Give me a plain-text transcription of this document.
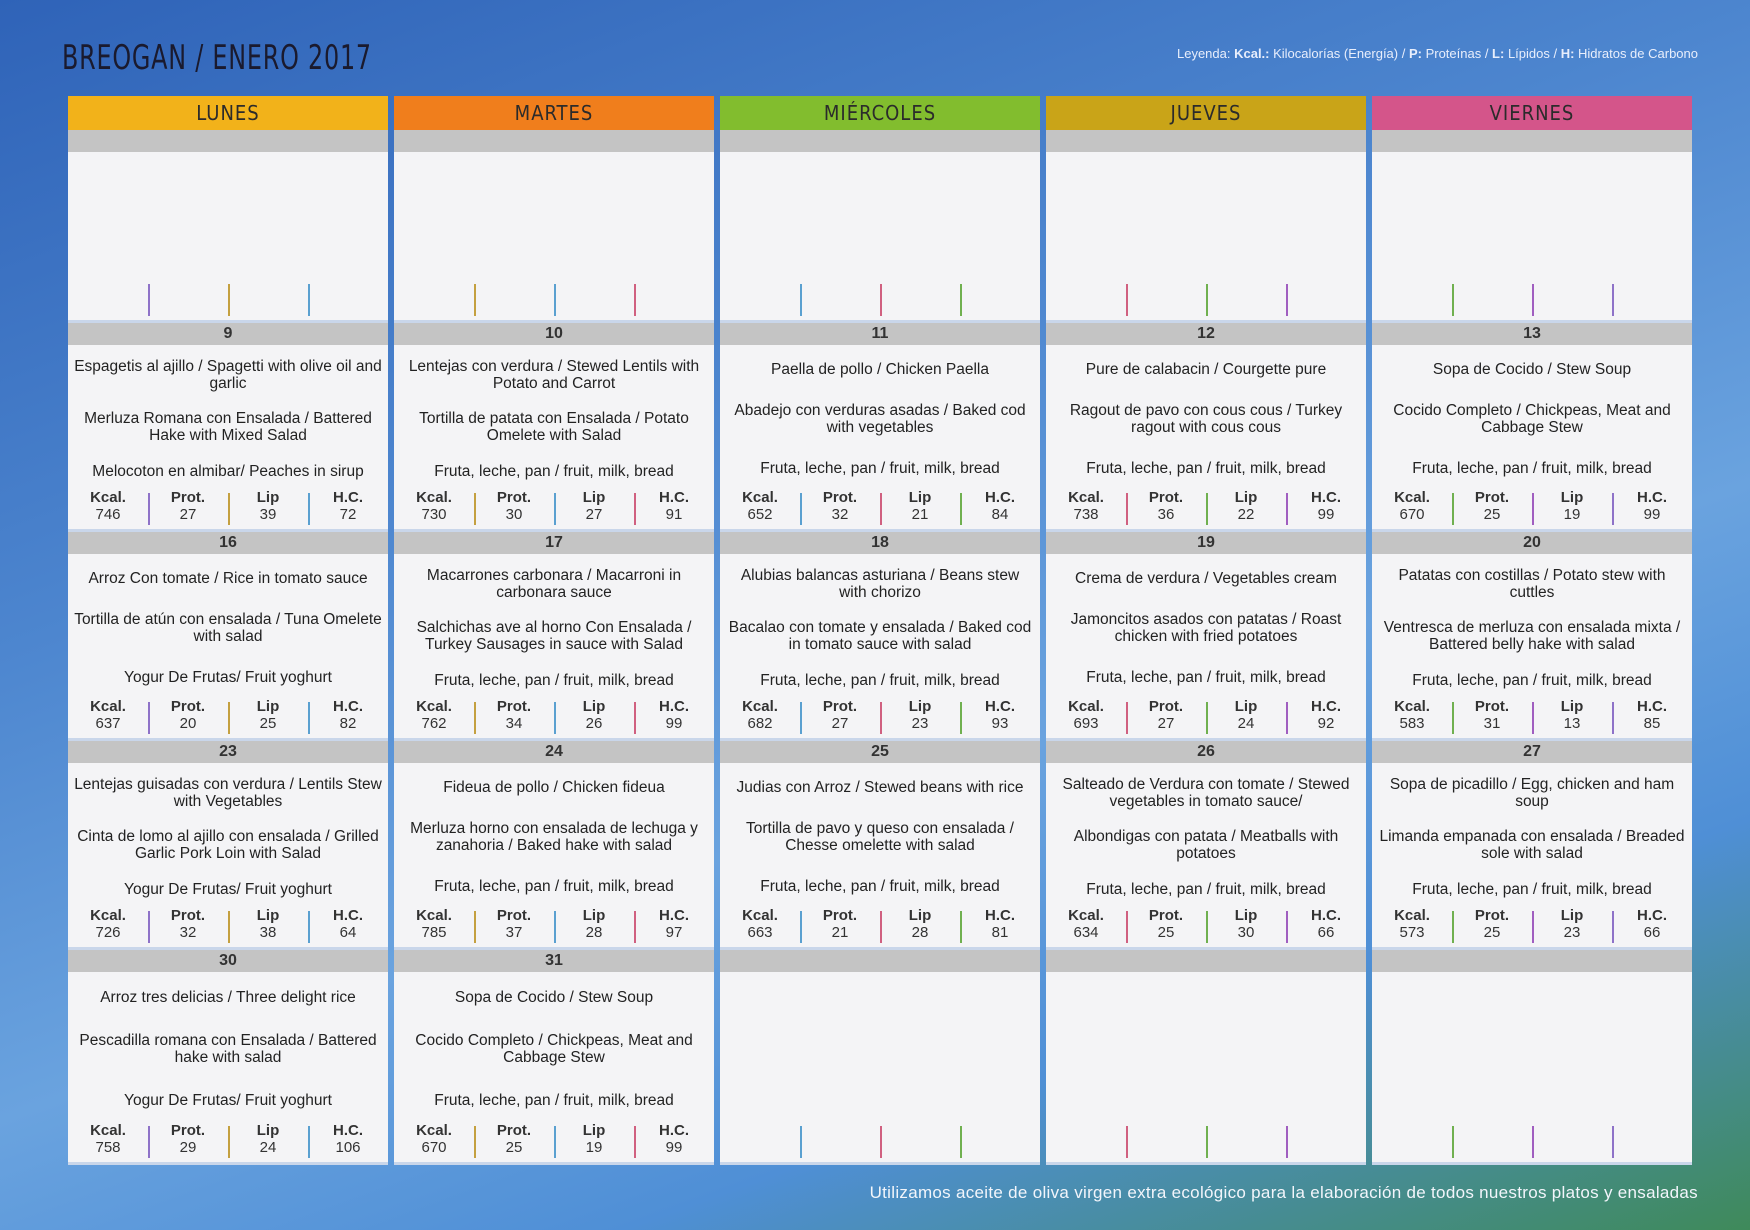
BREOGAN / ENERO 2017	Leyenda: Kcal.: Kilocalorías (Energía) / P: Proteínas / L: Lípidos / H: Hidratos de Carbono
LUNES
9
Espagetis al ajillo / Spagetti with olive oil and garlic
Merluza Romana con Ensalada / Battered Hake with Mixed Salad
Melocoton en almibar/ Peaches in sirup
Kcal.
746
Prot.
27
Lip
39
H.C.
72
16
Arroz Con tomate / Rice in tomato sauce
Tortilla de atún con ensalada / Tuna Omelete with salad
Yogur De Frutas/ Fruit yoghurt
Kcal.
637
Prot.
20
Lip
25
H.C.
82
23
Lentejas guisadas con verdura / Lentils Stew with Vegetables
Cinta de lomo al ajillo con ensalada / Grilled Garlic Pork Loin with Salad
Yogur De Frutas/ Fruit yoghurt
Kcal.
726
Prot.
32
Lip
38
H.C.
64
30
Arroz tres delicias / Three delight rice
Pescadilla romana con Ensalada / Battered hake with salad
Yogur De Frutas/ Fruit yoghurt
Kcal.
758
Prot.
29
Lip
24
H.C.
106
MARTES
10
Lentejas con verdura / Stewed Lentils with Potato and Carrot
Tortilla de patata con Ensalada / Potato Omelete with Salad
Fruta, leche, pan / fruit, milk, bread
Kcal.
730
Prot.
30
Lip
27
H.C.
91
17
Macarrones carbonara / Macarroni in carbonara sauce
Salchichas ave al horno Con Ensalada / Turkey Sausages in sauce with Salad
Fruta, leche, pan / fruit, milk, bread
Kcal.
762
Prot.
34
Lip
26
H.C.
99
24
Fideua de pollo / Chicken fideua
Merluza horno con ensalada de lechuga y zanahoria / Baked hake with salad
Fruta, leche, pan / fruit, milk, bread
Kcal.
785
Prot.
37
Lip
28
H.C.
97
31
Sopa de Cocido / Stew Soup
Cocido Completo / Chickpeas, Meat and Cabbage Stew
Fruta, leche, pan / fruit, milk, bread
Kcal.
670
Prot.
25
Lip
19
H.C.
99
MIÉRCOLES
11
Paella de pollo / Chicken Paella
Abadejo con verduras asadas / Baked cod with vegetables
Fruta, leche, pan / fruit, milk, bread
Kcal.
652
Prot.
32
Lip
21
H.C.
84
18
Alubias balancas asturiana / Beans stew with chorizo
Bacalao con tomate y ensalada / Baked cod in tomato sauce with salad
Fruta, leche, pan / fruit, milk, bread
Kcal.
682
Prot.
27
Lip
23
H.C.
93
25
Judias con Arroz / Stewed beans with rice
Tortilla de pavo y queso con ensalada / Chesse omelette with salad
Fruta, leche, pan / fruit, milk, bread
Kcal.
663
Prot.
21
Lip
28
H.C.
81
JUEVES
12
Pure de calabacin / Courgette pure
Ragout de pavo con cous cous / Turkey ragout with cous cous
Fruta, leche, pan / fruit, milk, bread
Kcal.
738
Prot.
36
Lip
22
H.C.
99
19
Crema de verdura / Vegetables cream
Jamoncitos asados con patatas / Roast chicken with fried potatoes
Fruta, leche, pan / fruit, milk, bread
Kcal.
693
Prot.
27
Lip
24
H.C.
92
26
Salteado de Verdura con tomate / Stewed vegetables in tomato sauce/
Albondigas con patata / Meatballs with potatoes
Fruta, leche, pan / fruit, milk, bread
Kcal.
634
Prot.
25
Lip
30
H.C.
66
VIERNES
13
Sopa de Cocido / Stew Soup
Cocido Completo / Chickpeas, Meat and Cabbage Stew
Fruta, leche, pan / fruit, milk, bread
Kcal.
670
Prot.
25
Lip
19
H.C.
99
20
Patatas con costillas / Potato stew with cuttles
Ventresca de merluza con ensalada mixta / Battered belly hake with salad
Fruta, leche, pan / fruit, milk, bread
Kcal.
583
Prot.
31
Lip
13
H.C.
85
27
Sopa de picadillo / Egg, chicken and ham soup
Limanda empanada con ensalada / Breaded sole with salad
Fruta, leche, pan / fruit, milk, bread
Kcal.
573
Prot.
25
Lip
23
H.C.
66
Utilizamos aceite de oliva virgen extra ecológico para la elaboración de todos nuestros platos y ensaladas
